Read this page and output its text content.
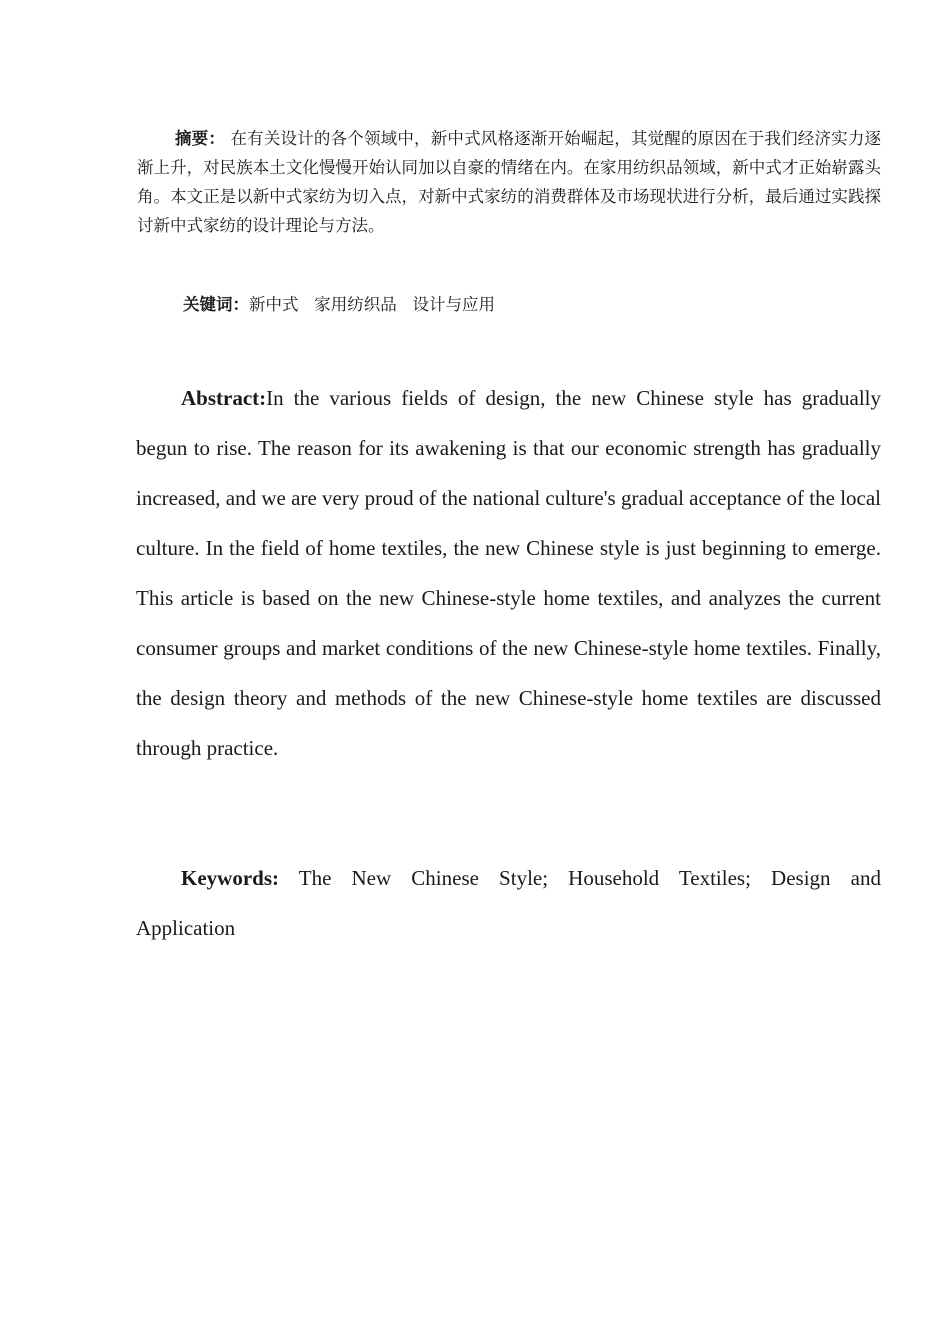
摘要： 在有关设计的各个领域中，新中式风格逐渐开始崛起，其觉醒的原因在于我们经济实力逐渐上升，对民族本土文化慢慢开始认同加以自豪的情绪在内。在家用纺织品领域，新中式才正始崭露头角。本文正是以新中式家纺为切入点，对新中式家纺的消费群体及市场现状进行分析，最后通过实践探讨新中式家纺的设计理论与方法。

关键词：新中式   家用纺织品   设计与应用

Abstract:In the various fields of design, the new Chinese style has gradually begun to rise. The reason for its awakening is that our economic strength has gradually increased, and we are very proud of the national culture's gradual acceptance of the local culture. In the field of home textiles, the new Chinese style is just beginning to emerge. This article is based on the new Chinese-style home textiles, and analyzes the current consumer groups and market conditions of the new Chinese-style home textiles. Finally, the design theory and methods of the new Chinese-style home textiles are discussed through practice.

Keywords: The New Chinese Style; Household Textiles; Design and Application
